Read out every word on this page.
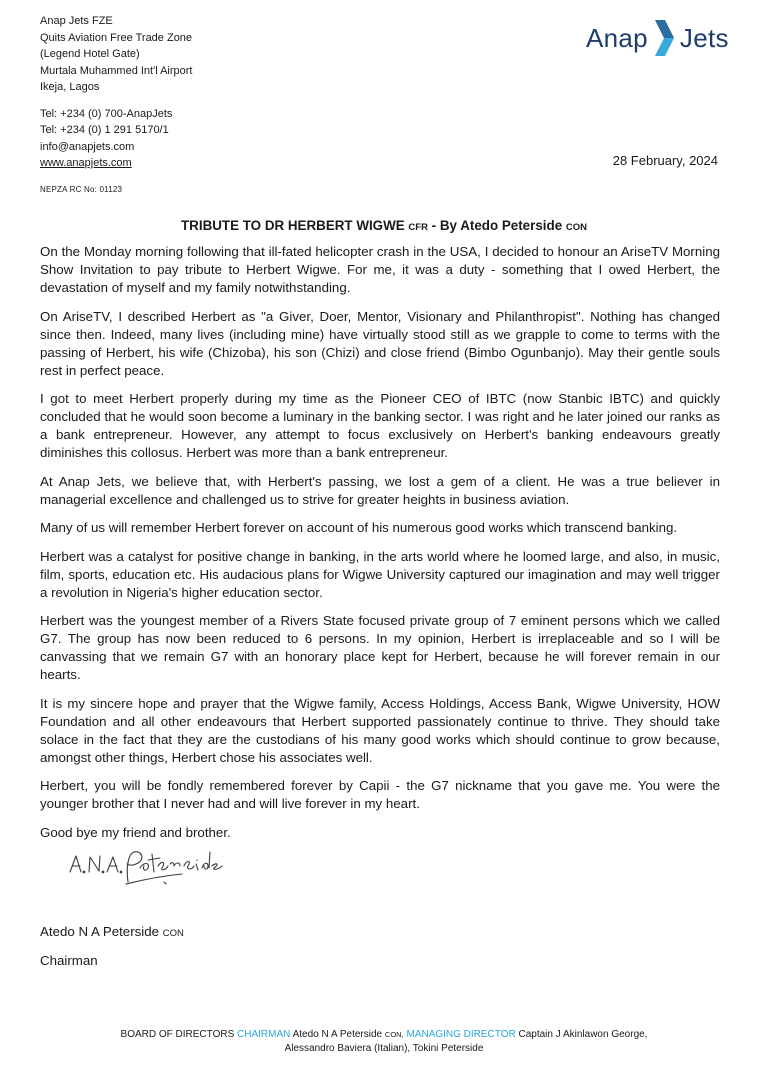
Anap Jets FZE
Quits Aviation Free Trade Zone
(Legend Hotel Gate)
Murtala Muhammed Int'l Airport
Ikeja, Lagos
Tel: +234 (0) 700-AnapJets
Tel: +234 (0) 1 291 5170/1
info@anapjets.com
www.anapjets.com
NEPZA RC No: 01123
Anap Jets
28 February, 2024
TRIBUTE TO DR HERBERT WIGWE CFR - By Atedo Peterside CON

On the Monday morning following that ill-fated helicopter crash in the USA, I decided to honour an AriseTV Morning Show Invitation to pay tribute to Herbert Wigwe. For me, it was a duty - something that I owed Herbert, the devastation of myself and my family notwithstanding.

On AriseTV, I described Herbert as "a Giver, Doer, Mentor, Visionary and Philanthropist". Nothing has changed since then. Indeed, many lives (including mine) have virtually stood still as we grapple to come to terms with the passing of Herbert, his wife (Chizoba), his son (Chizi) and close friend (Bimbo Ogunbanjo). May their gentle souls rest in perfect peace.

I got to meet Herbert properly during my time as the Pioneer CEO of IBTC (now Stanbic IBTC) and quickly concluded that he would soon become a luminary in the banking sector. I was right and he later joined our ranks as a bank entrepreneur. However, any attempt to focus exclusively on Herbert's banking endeavours greatly diminishes this collosus. Herbert was more than a bank entrepreneur.

At Anap Jets, we believe that, with Herbert's passing, we lost a gem of a client. He was a true believer in managerial excellence and challenged us to strive for greater heights in business aviation.

Many of us will remember Herbert forever on account of his numerous good works which transcend banking.

Herbert was a catalyst for positive change in banking, in the arts world where he loomed large, and also, in music, film, sports, education etc. His audacious plans for Wigwe University captured our imagination and may well trigger a revolution in Nigeria's higher education sector.

Herbert was the youngest member of a Rivers State focused private group of 7 eminent persons which we called G7. The group has now been reduced to 6 persons. In my opinion, Herbert is irreplaceable and so I will be canvassing that we remain G7 with an honorary place kept for Herbert, because he will forever remain in our hearts.

It is my sincere hope and prayer that the Wigwe family, Access Holdings, Access Bank, Wigwe University, HOW Foundation and all other endeavours that Herbert supported passionately continue to thrive. They should take solace in the fact that they are the custodians of his many good works which should continue to grow because, amongst other things, Herbert chose his associates well.

Herbert, you will be fondly remembered forever by Capii - the G7 nickname that you gave me. You were the younger brother that I never had and will live forever in my heart.

Good bye my friend and brother.

Atedo N A Peterside CON
Chairman
BOARD OF DIRECTORS CHAIRMAN Atedo N A Peterside CON, MANAGING DIRECTOR Captain J Akinlawon George,
Alessandro Baviera (Italian), Tokini Peterside
